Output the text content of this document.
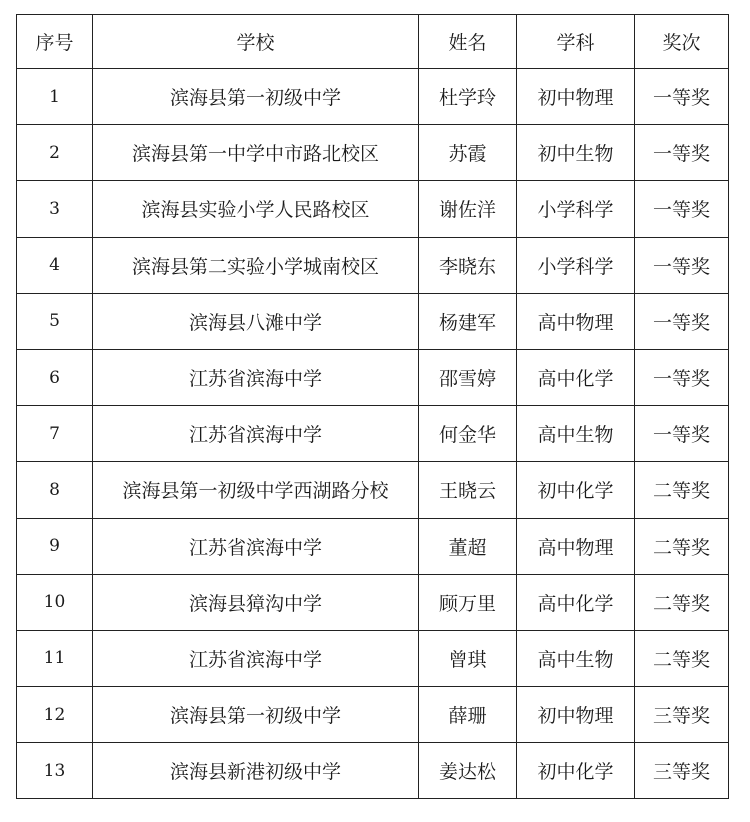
序号	学校	姓名	学科	奖次
1	滨海县第一初级中学	杜学玲	初中物理	一等奖
2	滨海县第一中学中市路北校区	苏霞	初中生物	一等奖
3	滨海县实验小学人民路校区	谢佐洋	小学科学	一等奖
4	滨海县第二实验小学城南校区	李晓东	小学科学	一等奖
5	滨海县八滩中学	杨建军	高中物理	一等奖
6	江苏省滨海中学	邵雪婷	高中化学	一等奖
7	江苏省滨海中学	何金华	高中生物	一等奖
8	滨海县第一初级中学西湖路分校	王晓云	初中化学	二等奖
9	江苏省滨海中学	董超	高中物理	二等奖
10	滨海县獐沟中学	顾万里	高中化学	二等奖
11	江苏省滨海中学	曾琪	高中生物	二等奖
12	滨海县第一初级中学	薛珊	初中物理	三等奖
13	滨海县新港初级中学	姜达松	初中化学	三等奖
